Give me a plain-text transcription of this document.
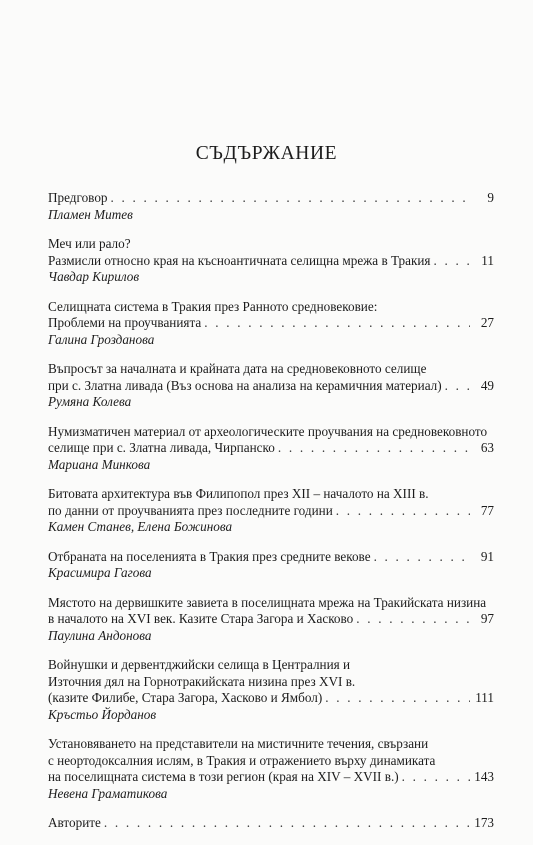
СЪДЪРЖАНИЕ
Предговор . . .	9
Пламен Митев
Меч или рало?
Размисли относно края на късноантичната селищна мрежа в Тракия . . .	11
Чавдар Кирилов
Селищната система в Тракия през Ранното средновековие:
Проблеми на проучванията . . .	27
Галина Грозданова
Въпросът за началната и крайната дата на средновековното селище
при с. Златна ливада (Въз основа на анализа на керамичния материал) . . .	49
Румяна Колева
Нумизматичен материал от археологическите проучвания на средновековното
селище при с. Златна ливада, Чирпанско . . .	63
Мариана Минкова
Битовата архитектура във Филипопол през XII – началото на XIII в.
по данни от проучванията през последните години . . .	77
Камен Станев, Елена Божинова
Отбраната на поселенията в Тракия през средните векове . . .	91
Красимира Гагова
Мястото на дервишките завиета в поселищната мрежа на Тракийската низина
в началото на XVI век. Казите Стара Загора и Хасково . . .	97
Паулина Андонова
Войнушки и дервентджийски селища в Централния и
Източния дял на Горнотракийската низина през XVI в.
(казите Филибе, Стара Загора, Хасково и Ямбол) . . .	111
Кръстьо Йорданов
Установяването на представители на мистичните течения, свързани
с неортодоксалния ислям, в Тракия и отражението върху динамиката
на поселищната система в този регион (края на XIV – XVII в.) . . .	143
Невена Граматикова
Авторите . . .	173
